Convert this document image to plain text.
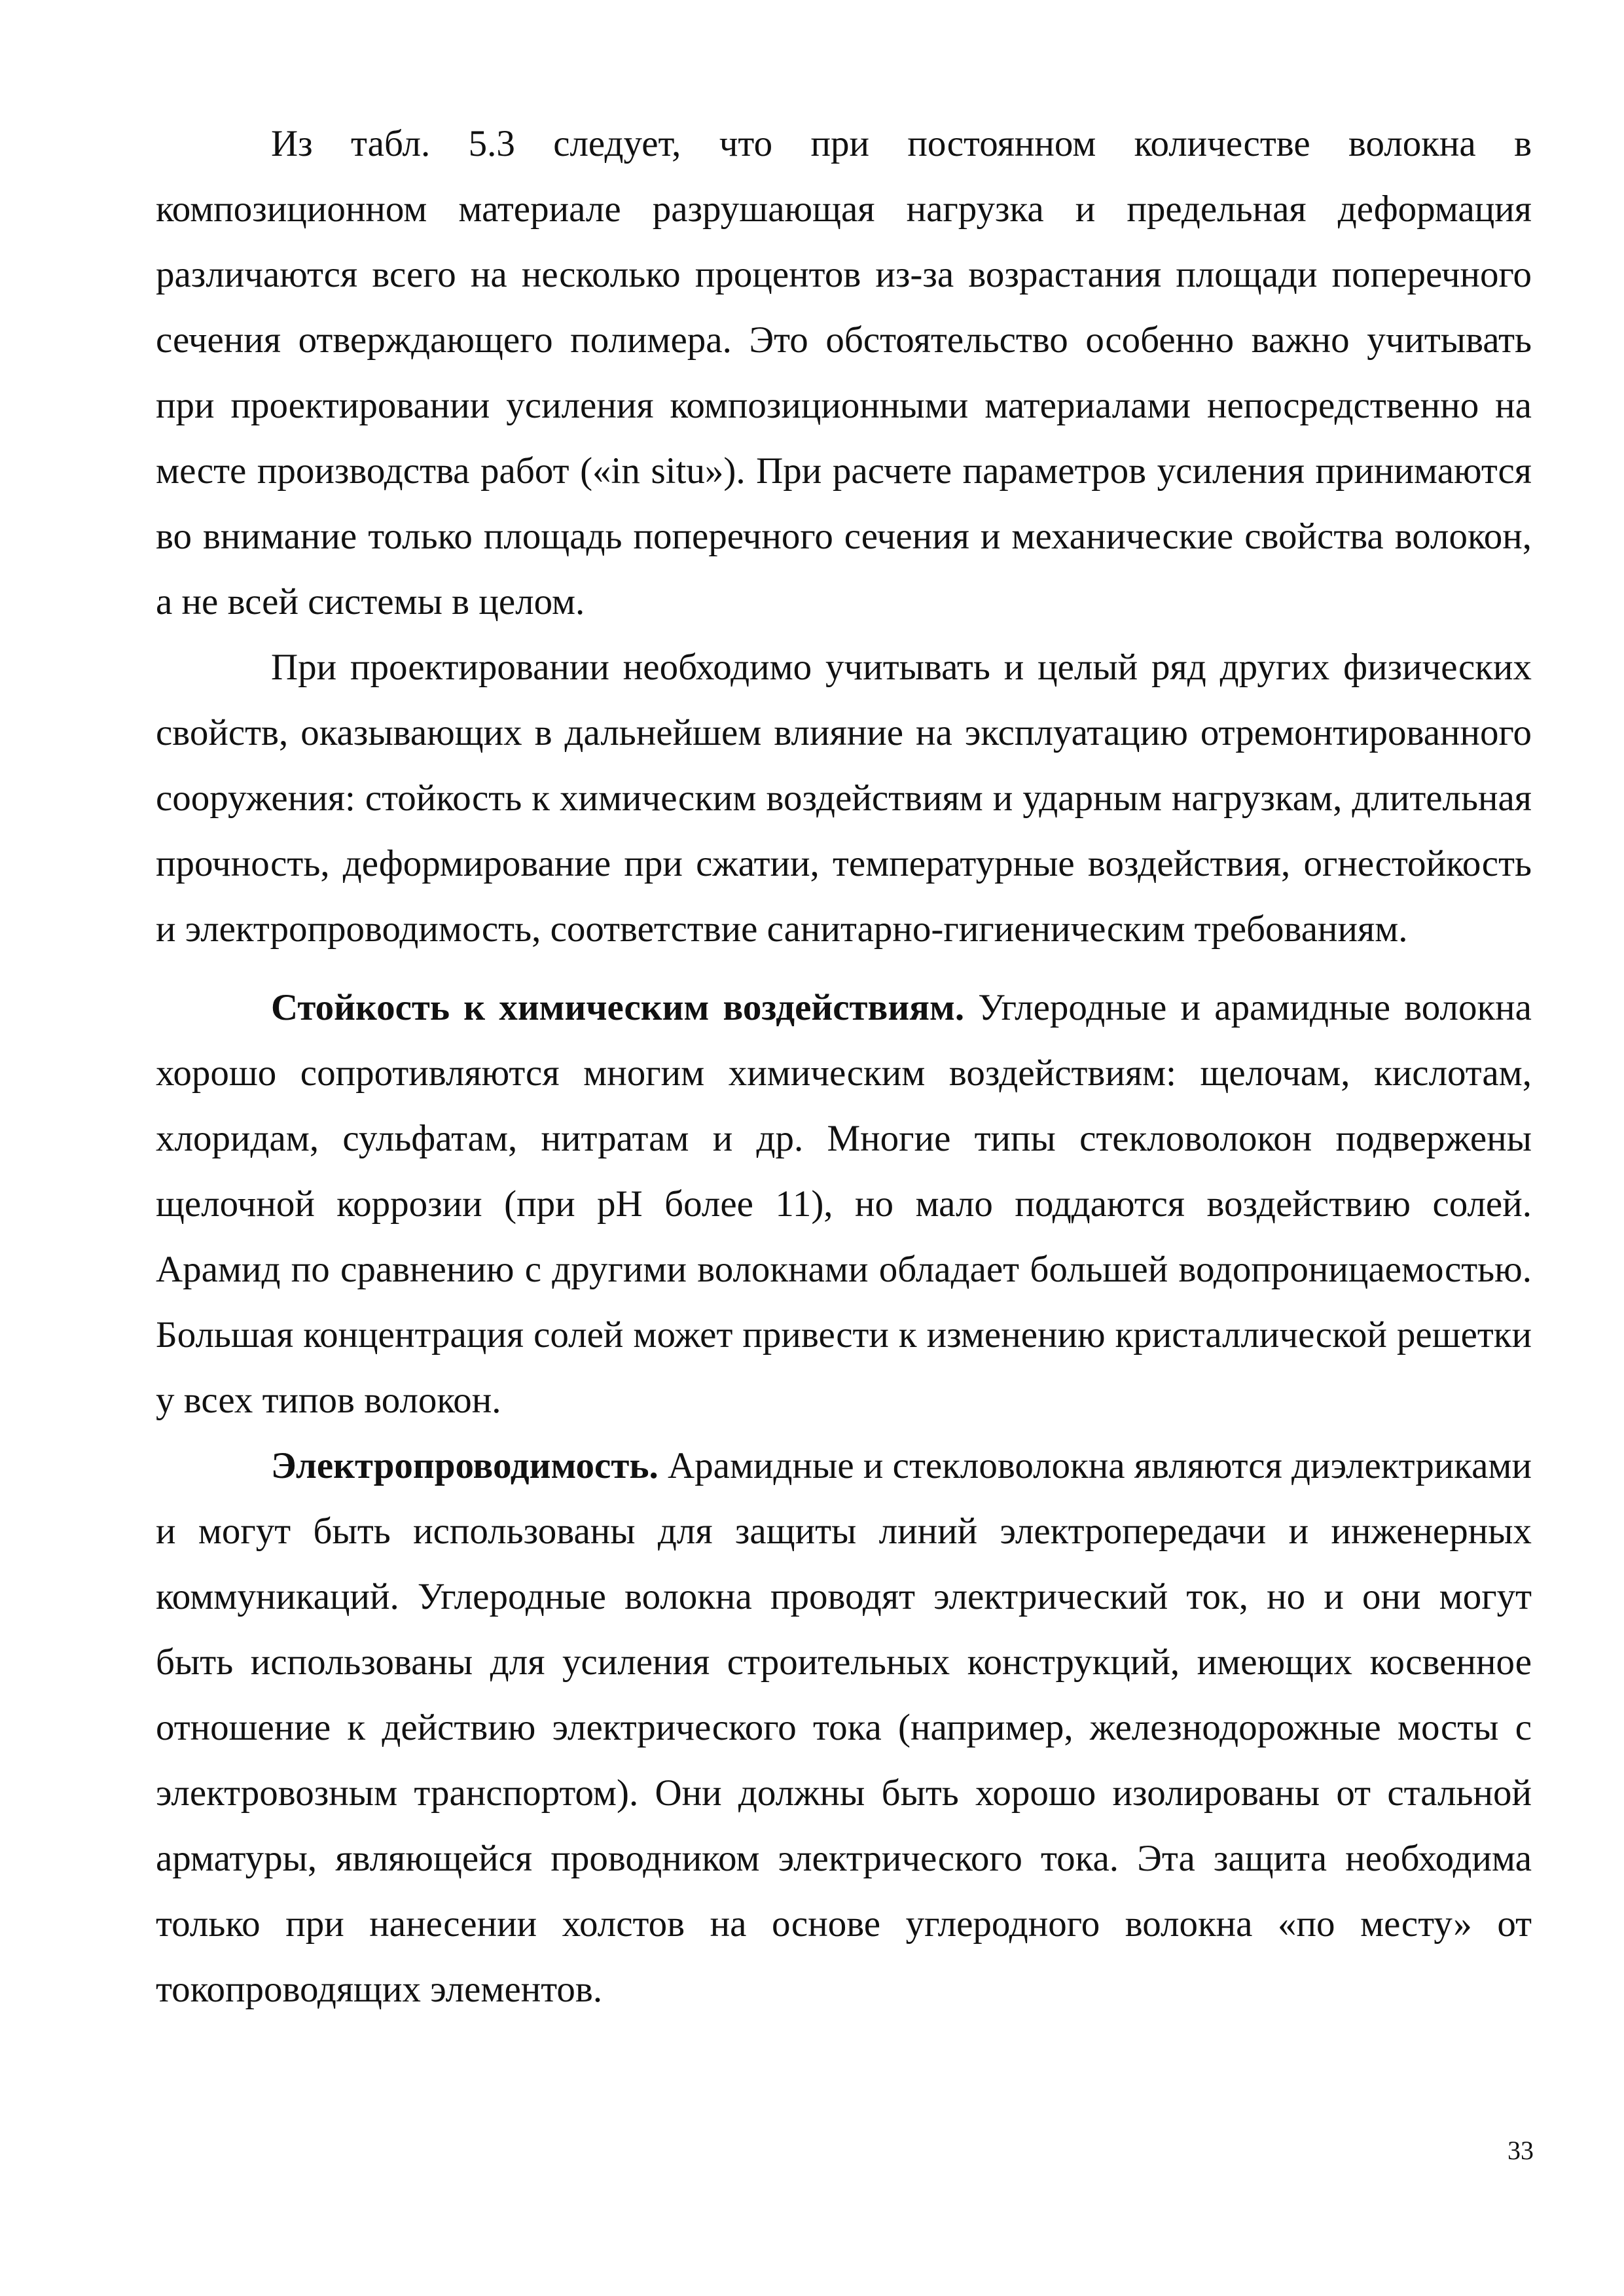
Из табл. 5.3 следует, что при постоянном количестве волокна в композиционном материале разрушающая нагрузка и предельная деформация различаются всего на несколько процентов из-за возрастания площади поперечного сечения отверждающего полимера. Это обстоятельство особенно важно учитывать при проектировании усиления композиционными материалами непосредственно на месте производства работ («in situ»). При расчете параметров усиления принимаются во внимание только площадь поперечного сечения и механические свойства волокон, а не всей системы в целом.

При проектировании необходимо учитывать и целый ряд других физических свойств, оказывающих в дальнейшем влияние на эксплуатацию отремонтированного сооружения: стойкость к химическим воздействиям и ударным нагрузкам, длительная прочность, деформирование при сжатии, температурные воздействия, огнестойкость и электропроводимость, соответствие санитарно-гигиеническим требованиям.

Стойкость к химическим воздействиям. Углеродные и арамидные волокна хорошо сопротивляются многим химическим воздействиям: щелочам, кислотам, хлоридам, сульфатам, нитратам и др. Многие типы стекловолокон подвержены щелочной коррозии (при pH более 11), но мало поддаются воздействию солей. Арамид по сравнению с другими волокнами обладает большей водопроницаемостью. Большая концентрация солей может привести к изменению кристаллической решетки у всех типов волокон.

Электропроводимость. Арамидные и стекловолокна являются диэлектриками и могут быть использованы для защиты линий электропередачи и инженерных коммуникаций. Углеродные волокна проводят электрический ток, но и они могут быть использованы для усиления строительных конструкций, имеющих косвенное отношение к действию электрического тока (например, железнодорожные мосты с электровозным транспортом). Они должны быть хорошо изолированы от стальной арматуры, являющейся проводником электрического тока. Эта защита необходима только при нанесении холстов на основе углеродного волокна «по месту» от токопроводящих элементов.

33
